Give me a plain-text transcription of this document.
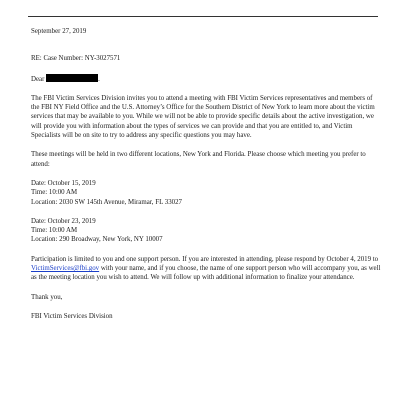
September 27, 2019

RE: Case Number: NY-3027571

Dear	.

The FBI Victim Services Division invites you to attend a meeting with FBI Victim Services representatives and members of the FBI NY Field Office and the U.S. Attorney’s Office for the Southern District of New York to learn more about the victim services that may be available to you. While we will not be able to provide specific details about the active investigation, we will provide you with information about the types of services we can provide and that you are entitled to, and Victim Specialists will be on site to try to address any specific questions you may have.

These meetings will be held in two different locations, New York and Florida. Please choose which meeting you prefer to attend:

Date: October 15, 2019

Time: 10:00 AM

Location: 2030 SW 145th Avenue, Miramar, FL 33027

Date: October 23, 2019

Time: 10:00 AM

Location: 290 Broadway, New York, NY 10007

Participation is limited to you and one support person. If you are interested in attending, please respond by October 4, 2019 to VictimServices@fbi.gov with your name, and if you choose, the name of one support person who will accompany you, as well as the meeting location you wish to attend. We will follow up with additional information to finalize your attendance.

Thank you,

FBI Victim Services Division
